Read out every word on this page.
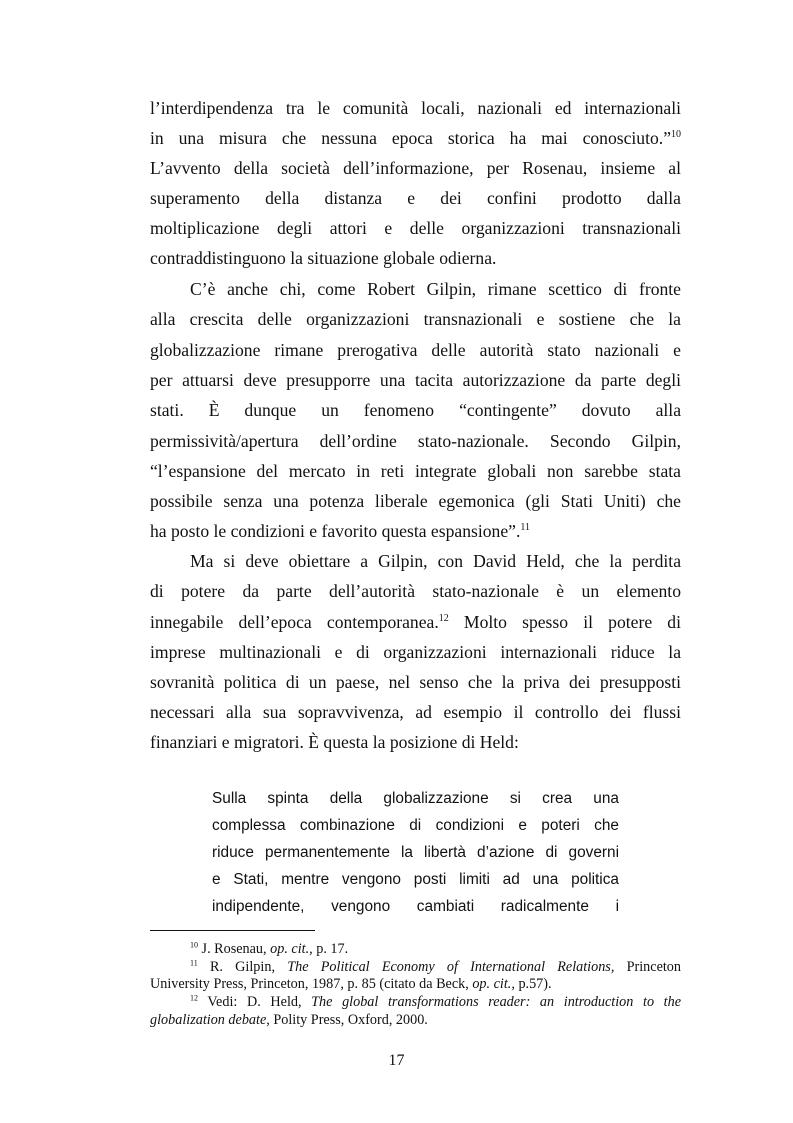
l’interdipendenza tra le comunità locali, nazionali ed internazionali
in una misura che nessuna epoca storica ha mai conosciuto.”$^{10}$
L’avvento della società dell’informazione, per Rosenau, insieme al
superamento della distanza e dei confini prodotto dalla
moltiplicazione degli attori e delle organizzazioni transnazionali
contraddistinguono la situazione globale odierna.
C’è anche chi, come Robert Gilpin, rimane scettico di fronte
alla crescita delle organizzazioni transnazionali e sostiene che la
globalizzazione rimane prerogativa delle autorità stato nazionali e
per attuarsi deve presupporre una tacita autorizzazione da parte degli
stati. È dunque un fenomeno “contingente” dovuto alla
permissività/apertura dell’ordine stato-nazionale. Secondo Gilpin,
“l’espansione del mercato in reti integrate globali non sarebbe stata
possibile senza una potenza liberale egemonica (gli Stati Uniti) che
ha posto le condizioni e favorito questa espansione”.$^{11}$
Ma si deve obiettare a Gilpin, con David Held, che la perdita
di potere da parte dell’autorità stato-nazionale è un elemento
innegabile dell’epoca contemporanea.$^{12}$ Molto spesso il potere di
imprese multinazionali e di organizzazioni internazionali riduce la
sovranità politica di un paese, nel senso che la priva dei presupposti
necessari alla sua sopravvivenza, ad esempio il controllo dei flussi
finanziari e migratori. È questa la posizione di Held:
Sulla spinta della globalizzazione si crea una
complessa combinazione di condizioni e poteri che
riduce permanentemente la libertà d’azione di governi
e Stati, mentre vengono posti limiti ad una politica
indipendente, vengono cambiati radicalmente i
$^{10}$ J. Rosenau, op. cit., p. 17.
$^{11}$ R. Gilpin, The Political Economy of International Relations, Princeton
University Press, Princeton, 1987, p. 85 (citato da Beck, op. cit., p.57).
$^{12}$ Vedi: D. Held, The global transformations reader: an introduction to the
globalization debate, Polity Press, Oxford, 2000.
17
